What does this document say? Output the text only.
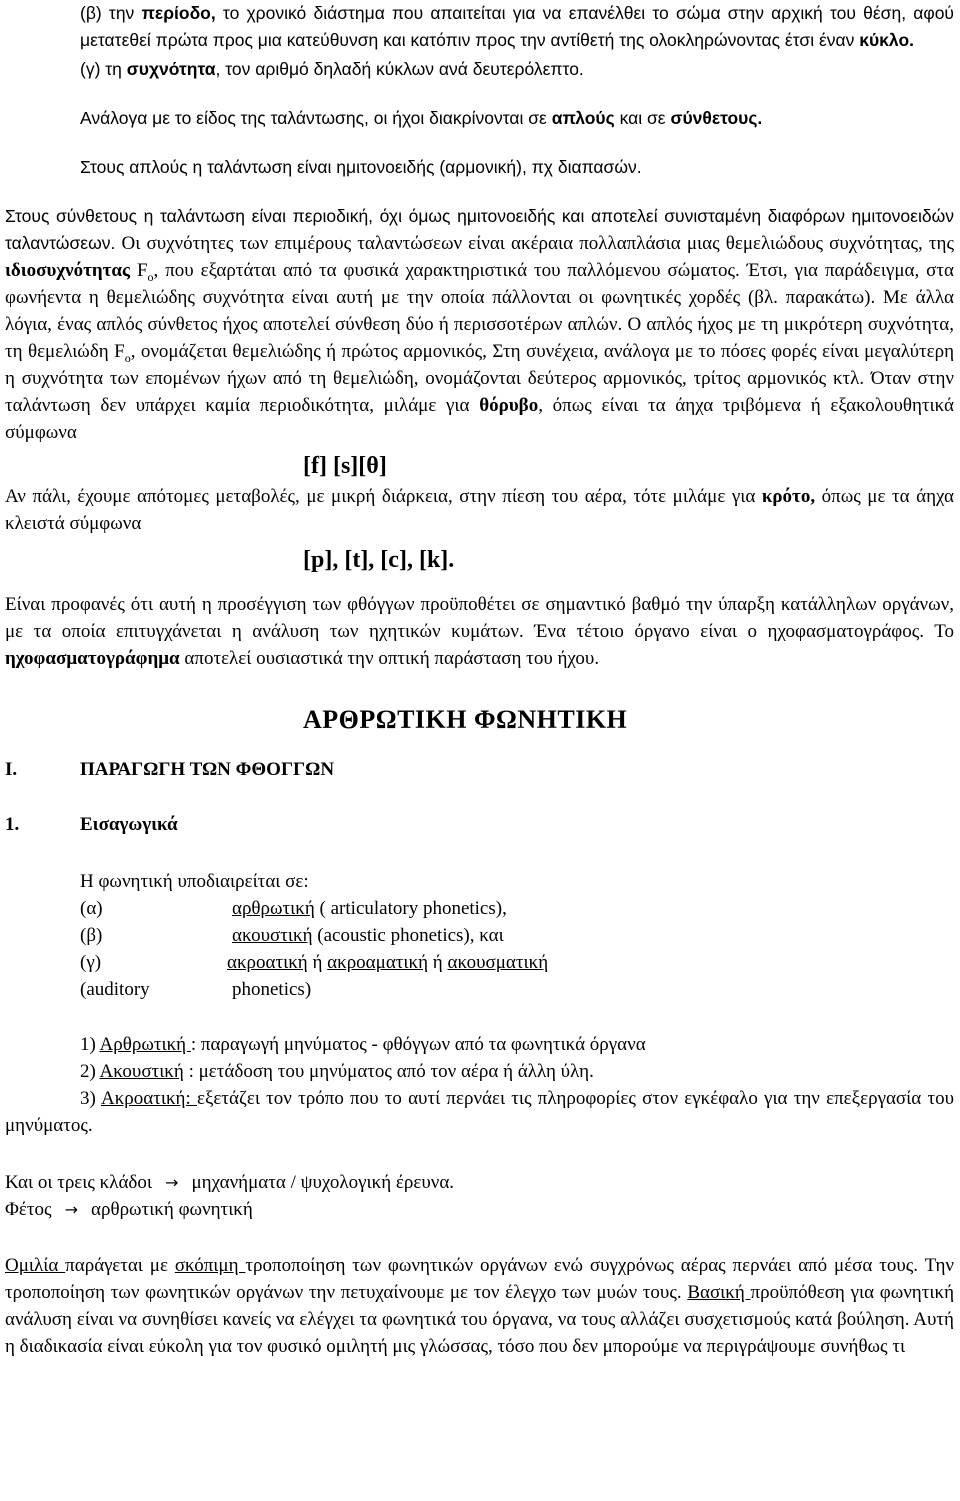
(β) την περίοδο, το χρονικό διάστημα που απαιτείται για να επανέλθει το σώμα στην αρχική του θέση, αφού μετατεθεί πρώτα προς μια κατεύθυνση και κατόπιν προς την αντίθετή της ολοκληρώνοντας έτσι έναν κύκλο.

(γ) τη συχνότητα, τον αριθμό δηλαδή κύκλων ανά δευτερόλεπτο.

Ανάλογα με το είδος της ταλάντωσης, οι ήχοι διακρίνονται σε απλούς και σε σύνθετους.

Στους απλούς η ταλάντωση είναι ημιτονοειδής (αρμονική), πχ διαπασών.

Στους σύνθετους η ταλάντωση είναι περιοδική, όχι όμως ημιτονοειδής και αποτελεί συνισταμένη διαφόρων ημιτονοειδών ταλαντώσεων. Οι συχνότητες των επιμέρους ταλαντώσεων είναι ακέραια πολλαπλάσια μιας θεμελιώδους συχνότητας, της ιδιοσυχνότητας $F_o$, που εξαρτάται από τα φυσικά χαρακτηριστικά του παλλόμενου σώματος. Έτσι, για παράδειγμα, στα φωνήεντα η θεμελιώδης συχνότητα είναι αυτή με την οποία πάλλονται οι φωνητικές χορδές (βλ. παρακάτω). Με άλλα λόγια, ένας απλός σύνθετος ήχος αποτελεί σύνθεση δύο ή περισσοτέρων απλών. Ο απλός ήχος με τη μικρότερη συχνότητα, τη θεμελιώδη $F_o$, ονομάζεται θεμελιώδης ή πρώτος αρμονικός, Στη συνέχεια, ανάλογα με το πόσες φορές είναι μεγαλύτερη η συχνότητα των επομένων ήχων από τη θεμελιώδη, ονομάζονται δεύτερος αρμονικός, τρίτος αρμονικός κτλ. Όταν στην ταλάντωση δεν υπάρχει καμία περιοδικότητα, μιλάμε για θόρυβο, όπως είναι τα άηχα τριβόμενα ή εξακολουθητικά σύμφωνα

[f] [s][θ]

Αν πάλι, έχουμε απότομες μεταβολές, με μικρή διάρκεια, στην πίεση του αέρα, τότε μιλάμε για κρότο, όπως με τα άηχα κλειστά σύμφωνα

[p], [t], [c], [k].

Είναι προφανές ότι αυτή η προσέγγιση των φθόγγων προϋποθέτει σε σημαντικό βαθμό την ύπαρξη κατάλληλων οργάνων, με τα οποία επιτυγχάνεται η ανάλυση των ηχητικών κυμάτων. Ένα τέτοιο όργανο είναι ο ηχοφασματογράφος. Το ηχοφασματογράφημα αποτελεί ουσιαστικά την οπτική παράσταση του ήχου.

ΑΡΘΡΩΤΙΚΗ ΦΩΝΗΤΙΚΗ

I.	ΠΑΡΑΓΩΓΗ ΤΩΝ ΦΘΟΓΓΩΝ

1.	Εισαγωγικά

Η φωνητική υποδιαιρείται σε:

(α)	αρθρωτική ( articulatory phonetics),
(β)	ακουστική (acoustic phonetics), και
(γ)	ακροατική ή ακροαματική ή ακουσματική
(auditory	phonetics)

1) Αρθρωτική : παραγωγή μηνύματος - φθόγγων από τα φωνητικά όργανα

2) Ακουστική : μετάδοση του μηνύματος από τον αέρα ή άλλη ύλη.

3) Ακροατική: εξετάζει τον τρόπο που το αυτί περνάει τις πληροφορίες στον εγκέφαλο για την επεξεργασία του μηνύματος.

Και οι τρεις κλάδοι → μηχανήματα / ψυχολογική έρευνα.

Φέτος → αρθρωτική φωνητική

Ομιλία παράγεται με σκόπιμη τροποποίηση των φωνητικών οργάνων ενώ συγχρόνως αέρας περνάει από μέσα τους. Την τροποποίηση των φωνητικών οργάνων την πετυχαίνουμε με τον έλεγχο των μυών τους. Βασική προϋπόθεση για φωνητική ανάλυση είναι να συνηθίσει κανείς να ελέγχει τα φωνητικά του όργανα, να τους αλλάζει συσχετισμούς κατά βούληση. Αυτή η διαδικασία είναι εύκολη για τον φυσικό ομιλητή μις γλώσσας, τόσο που δεν μπορούμε να περιγράψουμε συνήθως τι
